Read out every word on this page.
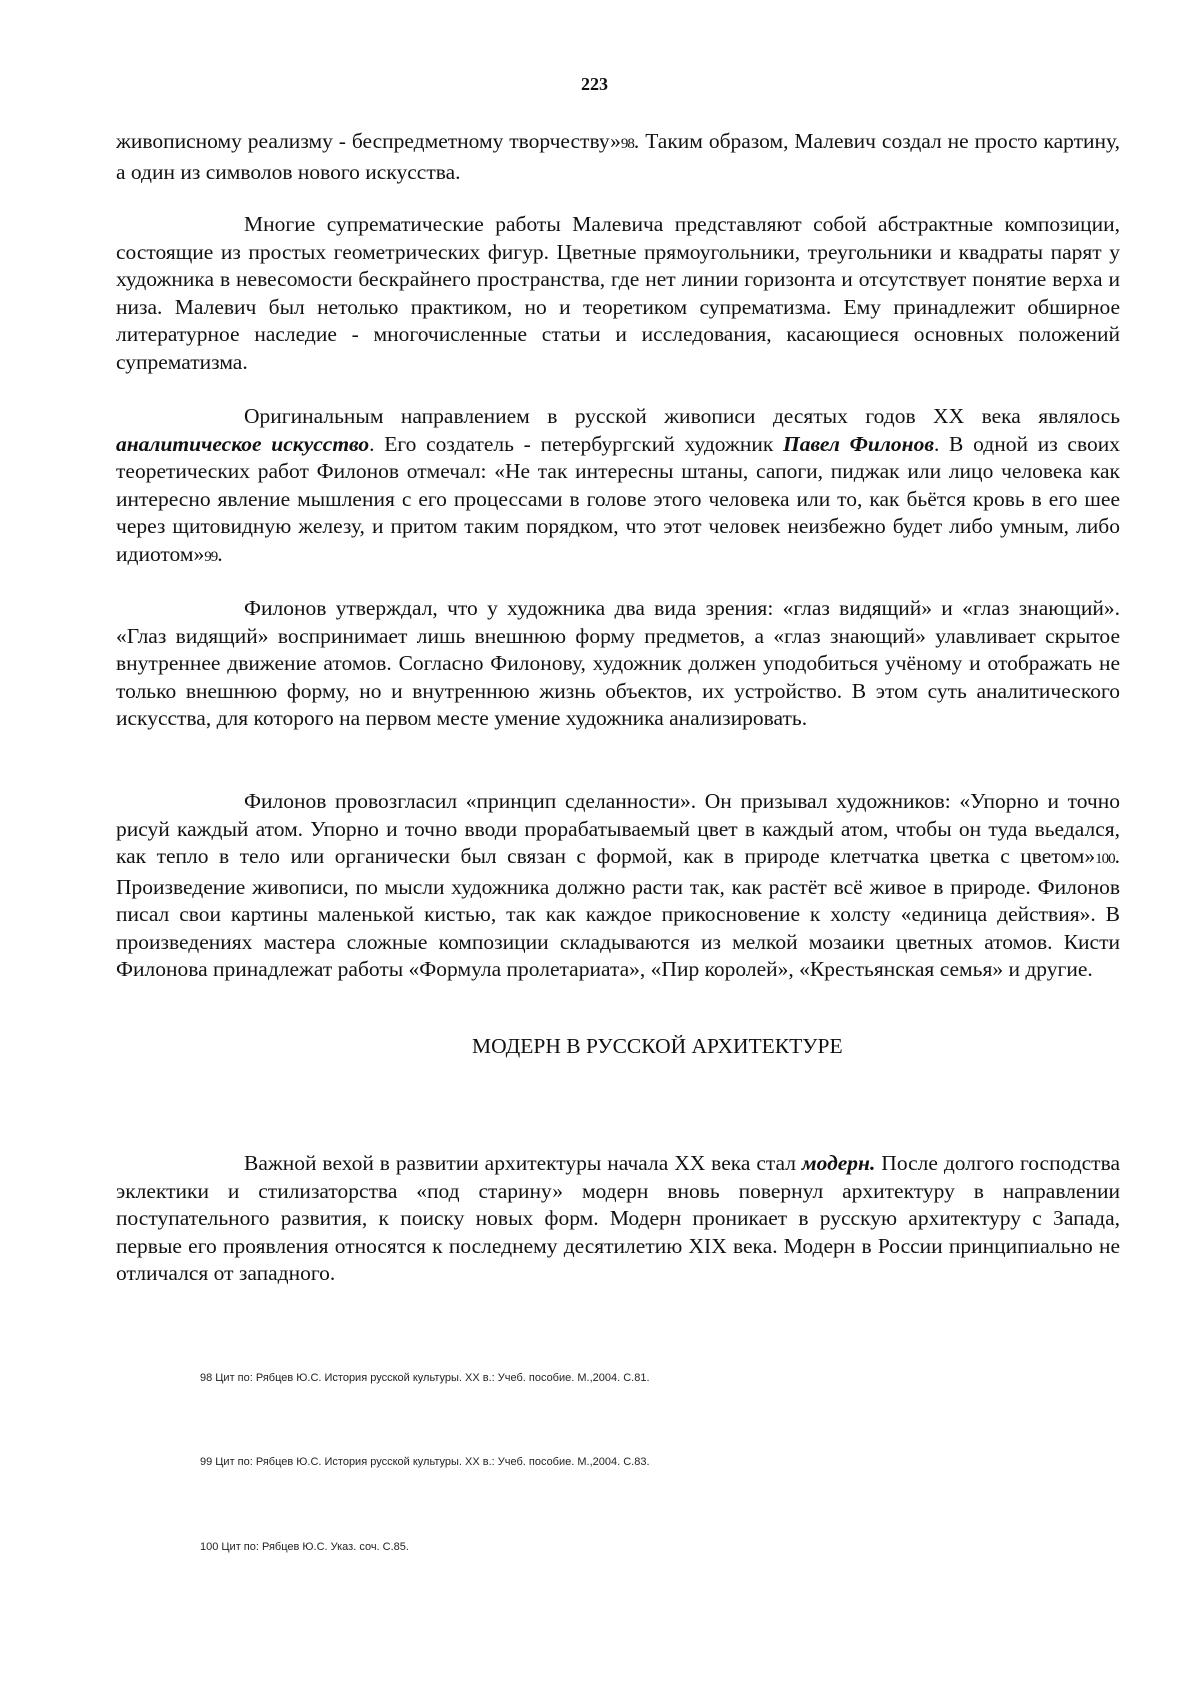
223

живописному реализму - беспредметному творчеству»98. Таким образом, Малевич создал не просто картину, а один из символов нового искусства.

Многие супрематические работы Малевича представляют собой абстрактные композиции, состоящие из простых геометрических фигур. Цветные прямоугольники, треугольники и квадраты парят у художника в невесомости бескрайнего пространства, где нет линии горизонта и отсутствует понятие верха и низа. Малевич был нетолько практиком, но и теоретиком супрематизма. Ему принадлежит обширное литературное наследие - многочисленные статьи и исследования, касающиеся основных положений супрематизма.

Оригинальным направлением в русской живописи десятых годов XX века являлось аналитическое искусство. Его создатель - петербургский художник Павел Филонов. В одной из своих теоретических работ Филонов отмечал: «Не так интересны штаны, сапоги, пиджак или лицо человека как интересно явление мышления с его процессами в голове этого человека или то, как бьётся кровь в его шее через щитовидную железу, и притом таким порядком, что этот человек неизбежно будет либо умным, либо идиотом»99.

Филонов утверждал, что у художника два вида зрения: «глаз видящий» и «глаз знающий». «Глаз видящий» воспринимает лишь внешнюю форму предметов, а «глаз знающий» улавливает скрытое внутреннее движение атомов. Согласно Филонову, художник должен уподобиться учёному и отображать не только внешнюю форму, но и внутреннюю жизнь объектов, их устройство. В этом суть аналитического искусства, для которого на первом месте умение художника анализировать.

Филонов провозгласил «принцип сделанности». Он призывал художников: «Упорно и точно рисуй каждый атом. Упорно и точно вводи прорабатываемый цвет в каждый атом, чтобы он туда вьедался, как тепло в тело или органически был связан с формой, как в природе клетчатка цветка с цветом»100. Произведение живописи, по мысли художника должно расти так, как растёт всё живое в природе. Филонов писал свои картины маленькой кистью, так как каждое прикосновение к холсту «единица действия». В произведениях мастера сложные композиции складываются из мелкой мозаики цветных атомов. Кисти Филонова принадлежат работы «Формула пролетариата», «Пир королей», «Крестьянская семья» и другие.

МОДЕРН В РУССКОЙ АРХИТЕКТУРЕ

Важной вехой в развитии архитектуры начала XX века стал модерн. После долгого господства эклектики и стилизаторства «под старину» модерн вновь повернул архитектуру в направлении поступательного развития, к поиску новых форм. Модерн проникает в русскую архитектуру с Запада, первые его проявления относятся к последнему десятилетию XIX века. Модерн в России принципиально не отличался от западного.

98 Цит по: Рябцев Ю.С. История русской культуры. XX в.: Учеб. пособие. М.,2004. С.81.
99 Цит по: Рябцев Ю.С. История русской культуры. XX в.: Учеб. пособие. М.,2004. С.83.
100 Цит по: Рябцев Ю.С. Указ. соч. С.85.
